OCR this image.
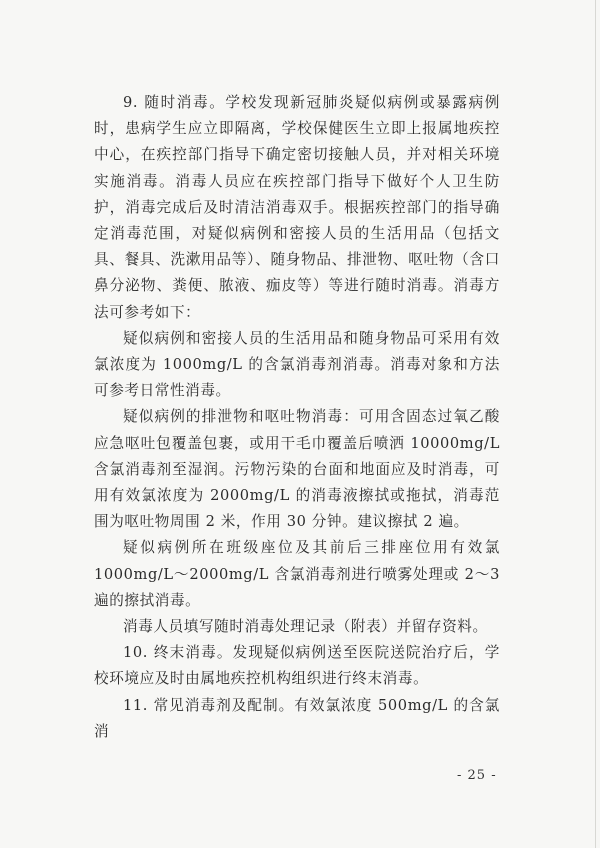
9. 随时消毒。学校发现新冠肺炎疑似病例或暴露病例时，患病学生应立即隔离，学校保健医生立即上报属地疾控中心，在疾控部门指导下确定密切接触人员，并对相关环境实施消毒。消毒人员应在疾控部门指导下做好个人卫生防护，消毒完成后及时清洁消毒双手。根据疾控部门的指导确定消毒范围，对疑似病例和密接人员的生活用品（包括文具、餐具、洗漱用品等）、随身物品、排泄物、呕吐物（含口鼻分泌物、粪便、脓液、痂皮等）等进行随时消毒。消毒方法可参考如下：

疑似病例和密接人员的生活用品和随身物品可采用有效氯浓度为 1000mg/L 的含氯消毒剂消毒。消毒对象和方法可参考日常性消毒。

疑似病例的排泄物和呕吐物消毒：可用含固态过氧乙酸应急呕吐包覆盖包裹，或用干毛巾覆盖后喷洒 10000mg/L 含氯消毒剂至湿润。污物污染的台面和地面应及时消毒，可用有效氯浓度为 2000mg/L 的消毒液擦拭或拖拭，消毒范围为呕吐物周围 2 米，作用 30 分钟。建议擦拭 2 遍。

疑似病例所在班级座位及其前后三排座位用有效氯 1000mg/L～2000mg/L 含氯消毒剂进行喷雾处理或 2～3 遍的擦拭消毒。

消毒人员填写随时消毒处理记录（附表）并留存资料。

10. 终末消毒。发现疑似病例送至医院送院治疗后，学校环境应及时由属地疾控机构组织进行终末消毒。

11. 常见消毒剂及配制。有效氯浓度 500mg/L 的含氯消

- 25 -
